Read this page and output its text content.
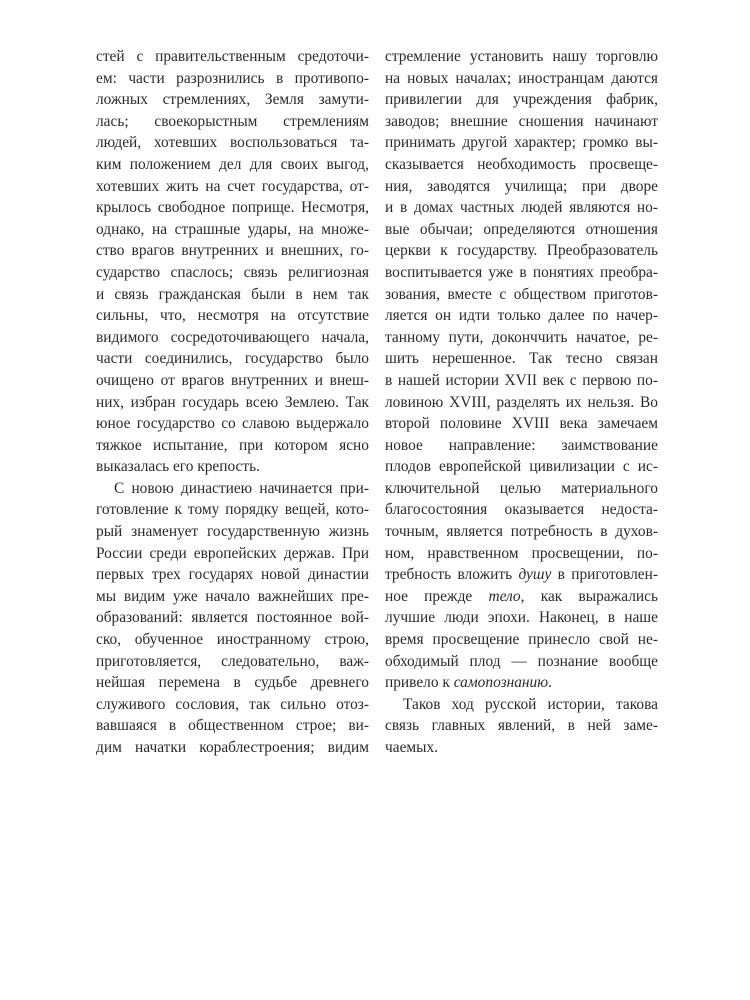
стей с правительственным средоточи-
ем: части разрознились в противопо-
ложных стремлениях, Земля замути-
лась; своекорыстным стремлениям
людей, хотевших воспользоваться та-
ким положением дел для своих выгод,
хотевших жить на счет государства, от-
крылось свободное поприще. Несмотря,
однако, на страшные удары, на множе-
ство врагов внутренних и внешних, го-
сударство спаслось; связь религиозная
и связь гражданская были в нем так
сильны, что, несмотря на отсутствие
видимого сосредоточивающего начала,
части соединились, государство было
очищено от врагов внутренних и внеш-
них, избран государь всею Землею. Так
юное государство со славою выдержало
тяжкое испытание, при котором ясно
выказалась его крепость.
С новою династиею начинается при-
готовление к тому порядку вещей, кото-
рый знаменует государственную жизнь
России среди европейских держав. При
первых трех государях новой династии
мы видим уже начало важнейших пре-
образований: является постоянное вой-
ско, обученное иностранному строю,
приготовляется, следовательно, важ-
нейшая перемена в судьбе древнего
служивого сословия, так сильно отоз-
вавшаяся в общественном строе; ви-
дим начатки кораблестроения; видим
стремление установить нашу торговлю
на новых началах; иностранцам даются
привилегии для учреждения фабрик,
заводов; внешние сношения начинают
принимать другой характер; громко вы-
сказывается необходимость просвеще-
ния, заводятся училища; при дворе
и в домах частных людей являются но-
вые обычаи; определяются отношения
церкви к государству. Преобразователь
воспитывается уже в понятиях преобра-
зования, вместе с обществом приготов-
ляется он идти только далее по начер-
танному пути, доконччить начатое, ре-
шить нерешенное. Так тесно связан
в нашей истории XVII век с первою по-
ловиною XVIII, разделять их нельзя. Во
второй половине XVIII века замечаем
новое направление: заимствование
плодов европейской цивилизации с ис-
ключительной целью материального
благосостояния оказывается недоста-
точным, является потребность в духов-
ном, нравственном просвещении, по-
требность вложить душу в приготовлен-
ное прежде тело, как выражались
лучшие люди эпохи. Наконец, в наше
время просвещение принесло свой не-
обходимый плод — познание вообще
привело к самопознанию.
Таков ход русской истории, такова
связь главных явлений, в ней заме-
чаемых.
